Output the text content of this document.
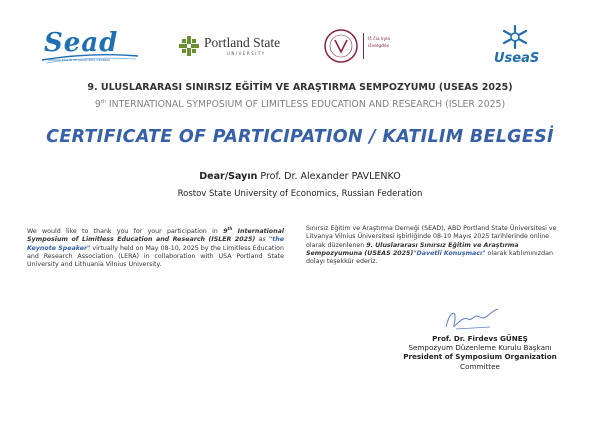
Sead
SINIRSIZ EĞİTİM VE ARAŞTIRMA DERNEĞİ
Portland State
UNIVERSITY
Iš čia kyla
išvelgdės
UseaS
9. ULUSLARARASI SINIRSIZ EĞİTİM VE ARAŞTIRMA SEMPOZYUMU (USEAS 2025)
9th INTERNATIONAL SYMPOSIUM OF LIMITLESS EDUCATION AND RESEARCH (ISLER 2025)
CERTIFICATE OF PARTICIPATION / KATILIM BELGESİ
Dear/Sayın Prof. Dr. Alexander PAVLENKO
Rostov State University of Economics, Russian Federation
We would like to thank you for your participation in 9th International Symposium of Limitless Education and Research (ISLER 2025) as "the Keynote Speaker" virtually held on May 08-10, 2025 by the Limitless Education and Research Association (LERA) in collaboration with USA Portland State University and Lithuania Vilnius University.
Sınırsız Eğitim ve Araştırma Derneği (SEAD), ABD Portland State Üniversitesi ve Litvanya Vilnius Üniversitesi işbirliğinde 08-10 Mayıs 2025 tarihlerinde online olarak düzenlenen 9. Uluslararası Sınırsız Eğitim ve Araştırma Sempozyumuna (USEAS 2025)"Davetli Konuşmacı" olarak katılımınızdan dolayı teşekkür ederiz.
Prof. Dr. Firdevs GÜNEŞ
Sempozyum Düzenleme Kurulu Başkanı
President of Symposium Organization
Committee
